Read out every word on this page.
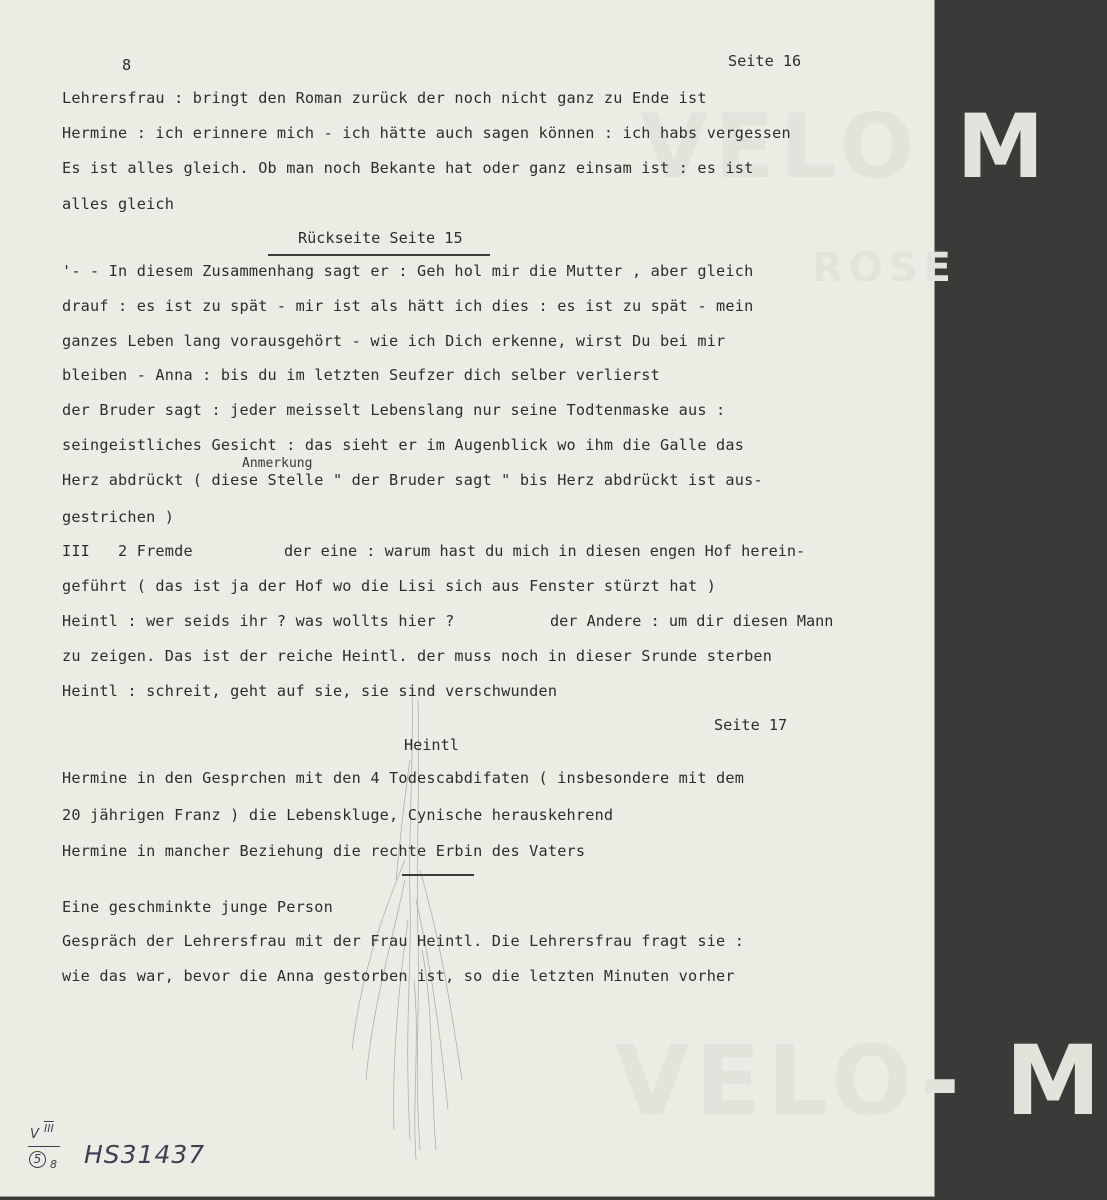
VELO M
ROSE
VELO- M
8	Seite 16
Lehrersfrau : bringt den Roman zurück der noch nicht ganz zu Ende ist
Hermine : ich erinnere mich - ich hätte auch sagen können : ich habs vergessen
Es ist alles gleich. Ob man noch Bekante hat oder ganz einsam ist : es ist
alles gleich
Rückseite Seite 15
'- - In diesem Zusammenhang sagt er : Geh hol mir die Mutter , aber gleich
drauf : es ist zu spät - mir ist als hätt ich dies : es ist zu spät - mein
ganzes Leben lang vorausgehört - wie ich Dich erkenne, wirst Du bei mir
bleiben - Anna : bis du im letzten Seufzer dich selber verlierst
der Bruder sagt : jeder meisselt Lebenslang nur seine Todtenmaske aus :
seingeistliches Gesicht : das sieht er im Augenblick wo ihm die Galle das
Anmerkung
Herz abdrückt ( diese Stelle " der Bruder sagt " bis Herz abdrückt ist aus-
gestrichen )
III   2 Fremde	der eine : warum hast du mich in diesen engen Hof herein-
geführt ( das ist ja der Hof wo die Lisi sich aus Fenster stürzt hat )
Heintl : wer seids ihr ? was wollts hier ?	der Andere : um dir diesen Mann
zu zeigen. Das ist der reiche Heintl. der muss noch in dieser Srunde sterben
Heintl : schreit, geht auf sie, sie sind verschwunden
Seite 17
Heintl
Hermine in den Gesprchen mit den 4 Todescabdifaten ( insbesondere mit dem
20 jährigen Franz ) die Lebenskluge, Cynische herauskehrend
Hermine in mancher Beziehung die rechte Erbin des Vaters
Eine geschminkte junge Person
Gespräch der Lehrersfrau mit der Frau Heintl. Die Lehrersfrau fragt sie :
wie das war, bevor die Anna gestorben ist, so die letzten Minuten vorher
V $\overline{III}$
5 8 HS31437
